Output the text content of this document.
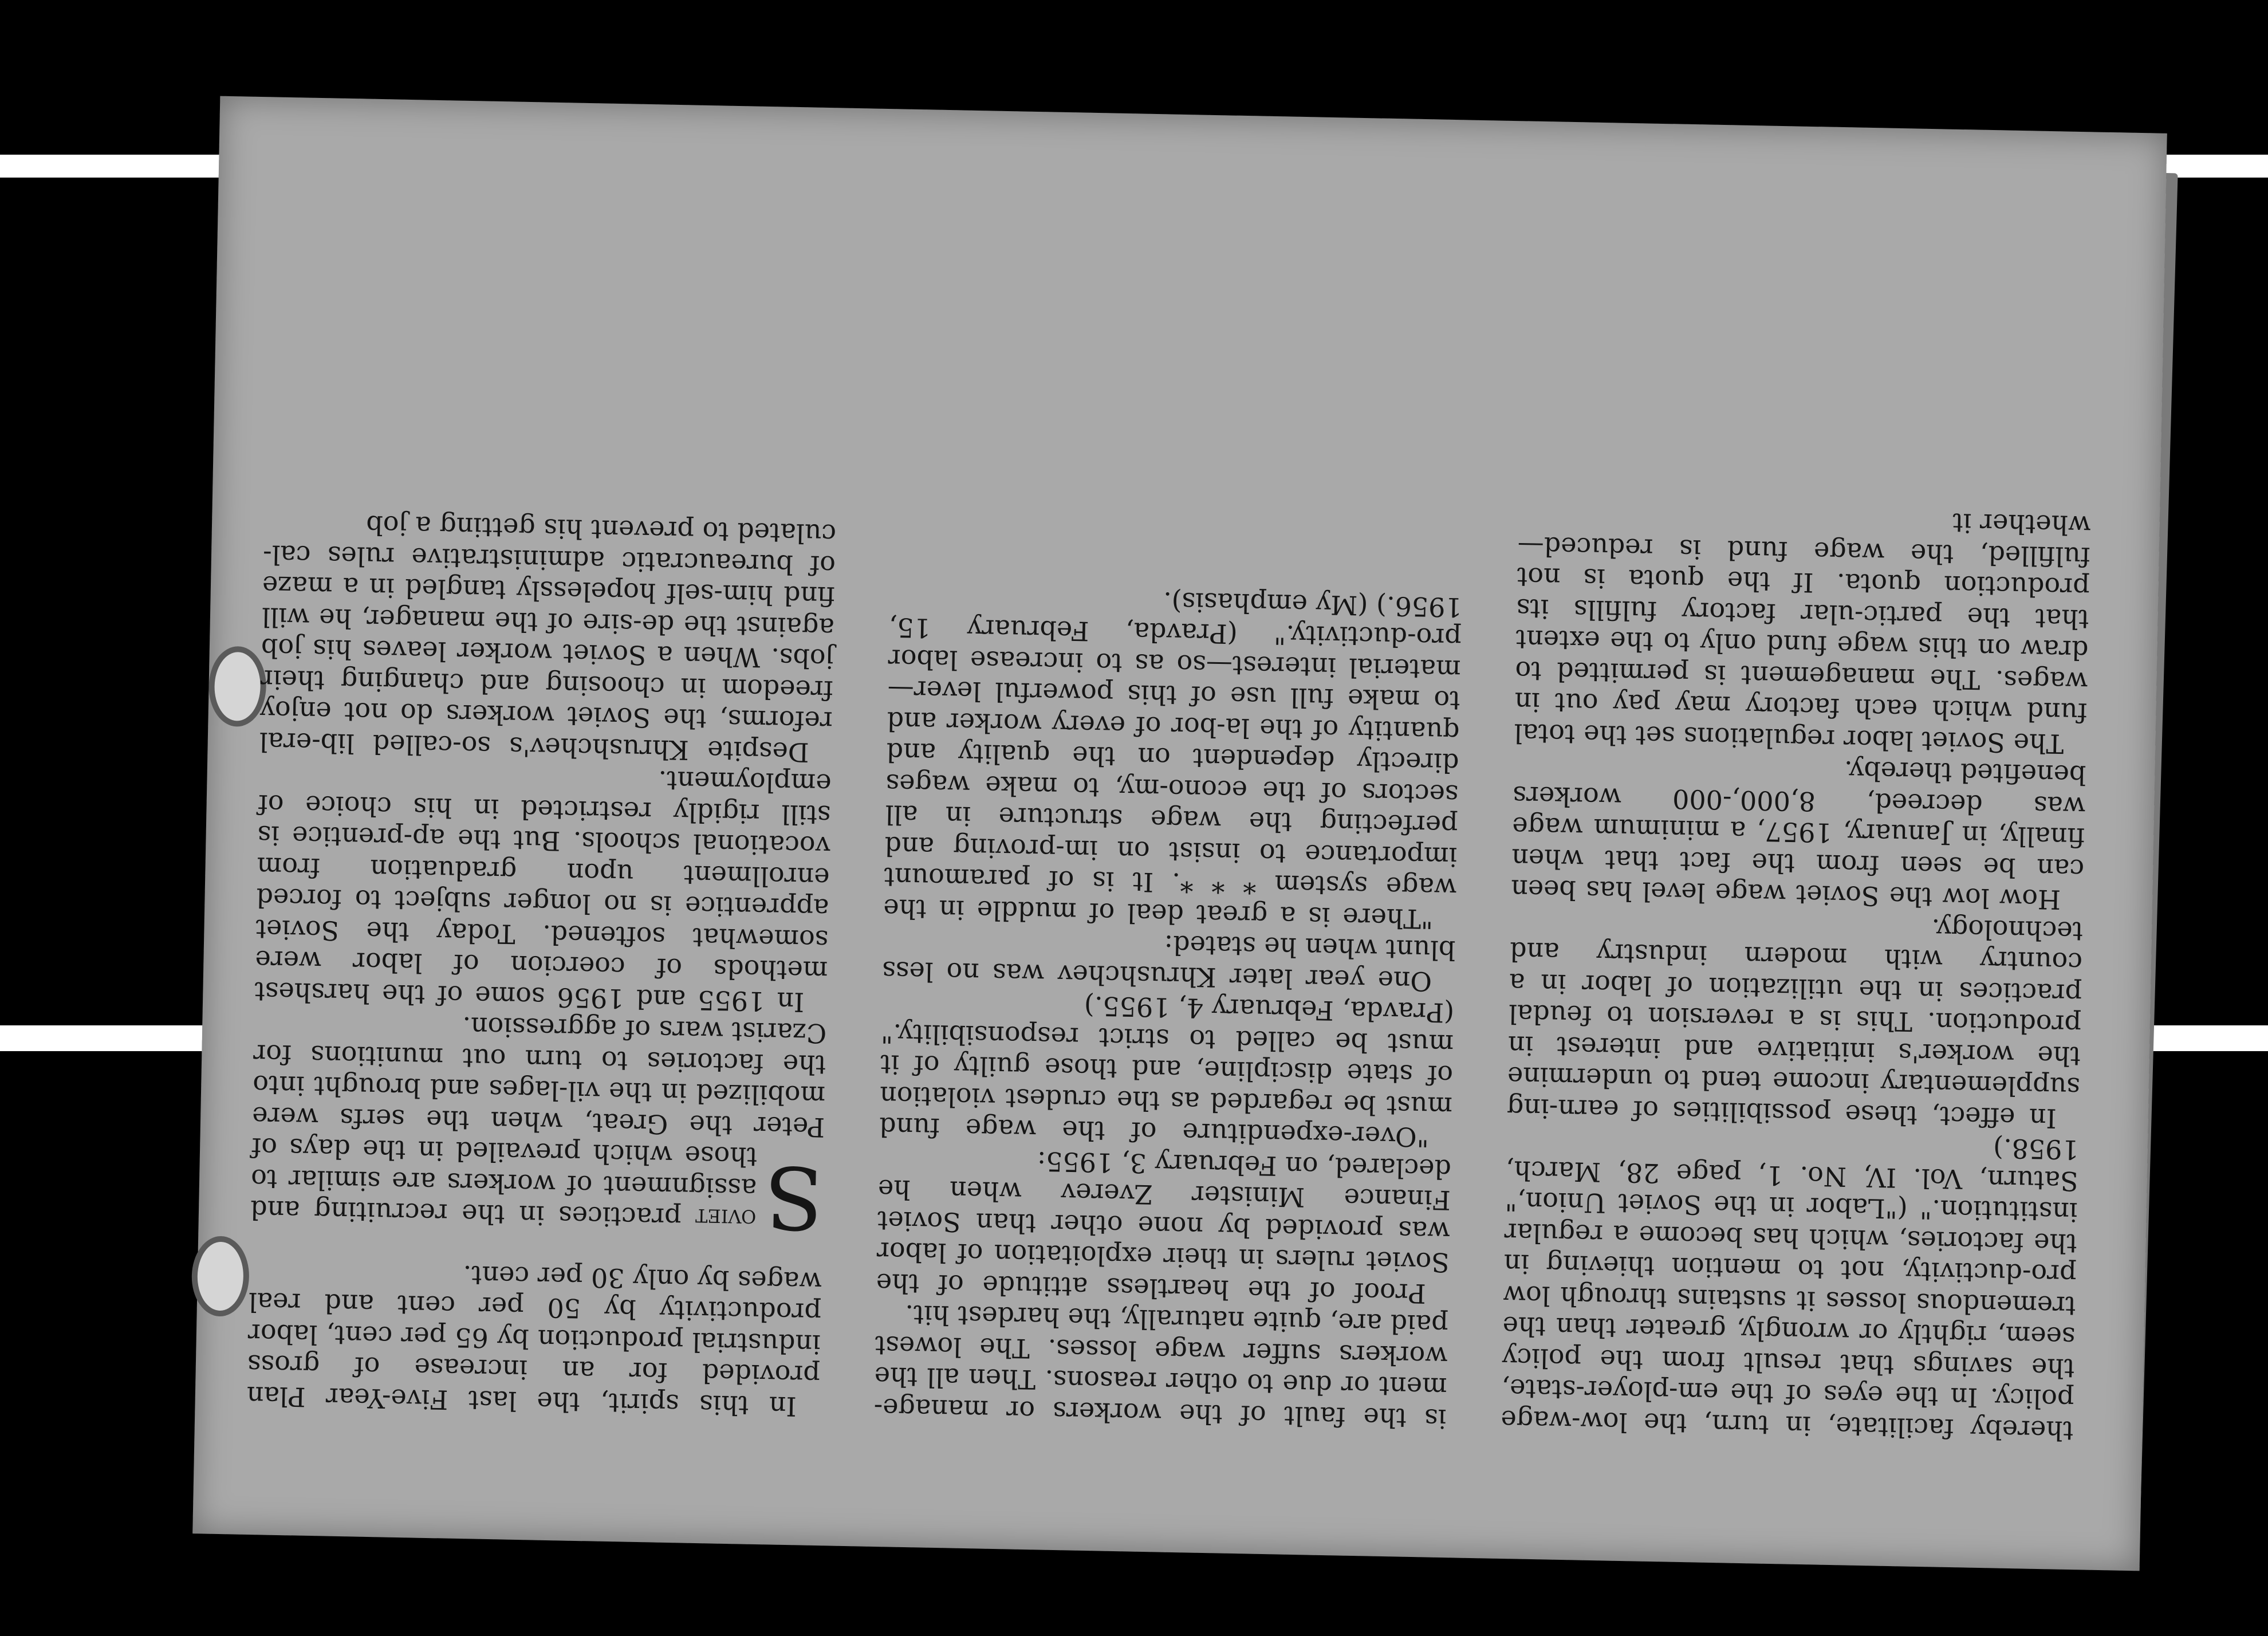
thereby facilitate, in turn, the low-wage policy. In the eyes of the em-ployer-state, the savings that result from the policy seem, rightly or wrongly, greater than the tremendous losses it sustains through low pro-ductivity, not to mention thieving in the factories, which has become a regular institution." ("Labor in the Soviet Union," Saturn, Vol. IV, No. 1, page 28, March, 1958.)

In effect, these possibilities of earn-ing supplementary income tend to undermine the worker's initiative and interest in production. This is a reversion to feudal practices in the utilization of labor in a country with modern industry and technology.

How low the Soviet wage level has been can be seen from the fact that when finally, in January, 1957, a minimum wage was decreed, 8,000,-000 workers benefited thereby.

The Soviet labor regulations set the total fund which each factory may pay out in wages. The management is permitted to draw on this wage fund only to the extent that the partic-ular factory fulfills its production quota. If the quota is not fulfilled, the wage fund is reduced—whether it

is the fault of the workers or manage-ment or due to other reasons. Then all the workers suffer wage losses. The lowest paid are, quite naturally, the hardest hit.

Proof of the heartless attitude of the Soviet rulers in their exploitation of labor was provided by none other than Soviet Finance Minister Zverev when he declared, on February 3, 1955:

"Over-expenditure of the wage fund must be regarded as the crudest violation of state discipline, and those guilty of it must be called to strict responsibility." (Pravda, February 4, 1955.)

One year later Khrushchev was no less blunt when he stated:

"There is a great deal of muddle in the wage system * * *. It is of paramount importance to insist on im-proving and perfecting the wage structure in all sectors of the econo-my, to make wages directly dependent on the quality and quantity of the la-bor of every worker and to make full use of this powerful lever—material interest—so as to increase labor pro-ductivity." (Pravda, February 15, 1956.) (My emphasis).

In this spirit, the last Five-Year Plan provided for an increase of gross industrial production by 65 per cent, labor productivity by 50 per cent and real wages by only 30 per cent.

S
oviet practices in the recruiting and assignment of workers are similar to those which prevailed in the days of Peter the Great, when the serfs were mobilized in the vil-lages and brought into the factories to turn out munitions for Czarist wars of aggression.

In 1955 and 1956 some of the harshest methods of coercion of labor were somewhat softened. Today the Soviet apprentice is no longer subject to forced enrollment upon graduation from vocational schools. But the ap-prentice is still rigidly restricted in his choice of employment.

Despite Khrushchev's so-called lib-eral reforms, the Soviet workers do not enjoy freedom in choosing and changing their jobs. When a Soviet worker leaves his job against the de-sire of the manager, he will find him-self hopelessly tangled in a maze of bureaucratic administrative rules cal-culated to prevent his getting a job
